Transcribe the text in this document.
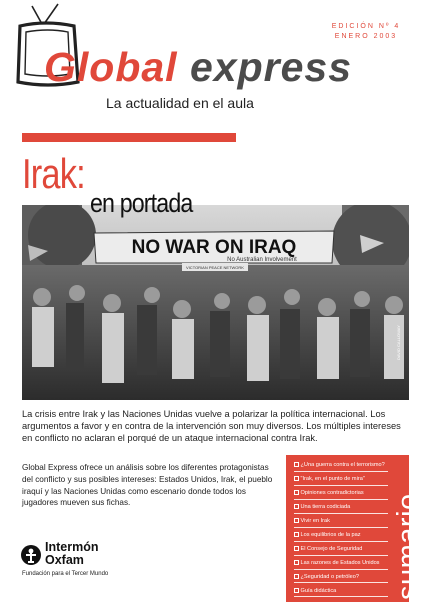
EDICIÓN Nº 4
ENERO 2003
Global express
La actualidad en el aula
Irak:
en portada
NO WAR ON IRAQ
No Australian Involvement
VICTORIAN PEACE NETWORK
DAVID CALLOWAY
La crisis entre Irak y las Naciones Unidas vuelve a polarizar la política internacional. Los argumentos a favor y en contra de la intervención son muy diversos. Los múltiples intereses en conflicto no aclaran el porqué de un ataque internacional contra Irak.
Global Express ofrece un análisis sobre los diferentes protagonistas del conflicto y sus posibles intereses: Estados Unidos, Irak, el pueblo iraquí y las Naciones Unidas como escenario donde todos los jugadores mueven sus fichas.
Intermón
Oxfam
Fundación para el Tercer Mundo
¿Una guerra contra el terrorismo?
"Irak, en el punto de mira"
Opiniones contradictorias
Una tierra codiciada
Vivir en Irak
Los equilibrios de la paz
El Consejo de Seguridad
Las razones de Estados Unidos
¿Seguridad o petróleo?
Guía didáctica	sumario
